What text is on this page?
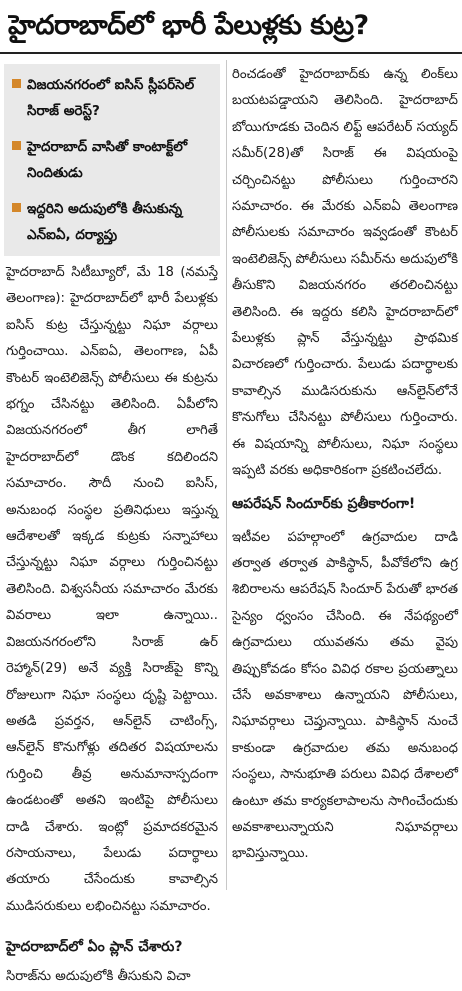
హైదరాబాద్‌లో భారీ పేలుళ్లకు కుట్ర?
విజయనగరంలో ఐసిస్‌ స్లీపర్‌సెల్‌ సిరాజ్‌ అరెస్ట్‌?
హైదరాబాద్‌ వాసితో కాంటాక్ట్‌లో నిందితుడు
ఇద్దరిని అదుపులోకి తీసుకున్న ఎన్‌ఐఏ, దర్యాప్తు

హైదరాబాద్‌ సిటీబ్యూరో, మే 18 (నమస్తే తెలంగాణ): హైదరాబాద్‌లో భారీ పేలుళ్లకు ఐసిస్‌ కుట్ర చేస్తున్నట్టు నిఘా వర్గాలు గుర్తించాయి. ఎన్‌ఐఏ, తెలంగాణ, ఏపీ కౌంటర్‌ ఇంటెలిజెన్స్‌ పోలీసులు ఈ కుట్రను భగ్నం చేసినట్టు తెలిసింది. ఏపీలోని విజయనగరంలో తీగ లాగితే హైదరాబాద్‌లో డొంక కదిలిందని సమాచారం. సౌదీ నుంచి ఐసిస్‌, అనుబంధ సంస్థల ప్రతినిధులు ఇస్తున్న ఆదేశాలతో ఇక్కడ కుట్రకు సన్నాహాలు చేస్తున్నట్టు నిఘా వర్గాలు గుర్తించినట్టు తెలిసింది. విశ్వసనీయ సమాచారం మేరకు వివరాలు ఇలా ఉన్నాయి.. విజయనగరంలోని సిరాజ్‌ ఉర్‌ రెహ్మాన్‌(29) అనే వ్యక్తి సిరాజ్‌పై కొన్ని రోజులుగా నిఘా సంస్థలు దృష్టి పెట్టాయి. అతడి ప్రవర్తన, ఆన్‌లైన్‌ చాటింగ్స్‌, ఆన్‌లైన్‌ కొనుగోళ్లు తదితర విషయాలను గుర్తించి తీవ్ర అనుమానాస్పదంగా ఉండటంతో అతని ఇంటిపై పోలీసులు దాడి చేశారు. ఇంట్లో ప్రమాదకరమైన రసాయనాలు, పేలుడు పదార్థాలు తయారు చేసేందుకు కావాల్సిన ముడిసరుకులు లభించినట్టు సమాచారం.

హైదరాబాద్‌లో ఏం ప్లాన్‌ చేశారు?

సిరాజ్‌ను అదుపులోకి తీసుకుని విచా

రించడంతో హైదరాబాద్‌కు ఉన్న లింక్‌లు బయటపడ్డాయని తెలిసింది. హైదరాబాద్‌ బోయిగూడకు చెందిన లిఫ్ట్‌ ఆపరేటర్‌ సయ్యద్‌ సమీర్‌(28)తో సిరాజ్‌ ఈ విషయంపై చర్చించినట్టు పోలీసులు గుర్తించారని సమాచారం. ఈ మేరకు ఎన్‌ఐఏ తెలంగాణ పోలీసులకు సమాచారం ఇవ్వడంతో కౌంటర్‌ ఇంటెలిజెన్స్‌ పోలీసులు సమీర్‌ను అదుపులోకి తీసుకొని విజయనగరం తరలించినట్టు తెలిసింది. ఈ ఇద్దరు కలిసి హైదరాబాద్‌లో పేలుళ్లకు ప్లాన్‌ వేస్తున్నట్టు ప్రాథమిక విచారణలో గుర్తించారు. పేలుడు పదార్థాలకు కావాల్సిన ముడిసరుకును ఆన్‌లైన్‌లోనే కొనుగోలు చేసినట్టు పోలీసులు గుర్తించారు. ఈ విషయాన్ని పోలీసులు, నిఘా సంస్థలు ఇప్పటి వరకు అధికారికంగా ప్రకటించలేదు.

ఆపరేషన్‌ సిందూర్‌కు ప్రతీకారంగా!

ఇటీవల పహల్గాంలో ఉగ్రవాదుల దాడి తర్వాత తర్వాత పాకిస్థాన్‌, పీవోకేలోని ఉగ్ర శిబిరాలను ఆపరేషన్‌ సిందూర్‌ పేరుతో భారత సైన్యం ధ్వంసం చేసింది. ఈ నేపథ్యంలో ఉగ్రవాదులు యువతను తమ వైపు తిప్పుకోవడం కోసం వివిధ రకాల ప్రయత్నాలు చేసే అవకాశాలు ఉన్నాయని పోలీసులు, నిఘావర్గాలు చెప్తున్నాయి. పాకిస్థాన్‌ నుంచే కాకుండా ఉగ్రవాదుల తమ అనుబంధ సంస్థలు, సానుభూతి పరులు వివిధ దేశాలలో ఉంటూ తమ కార్యకలాపాలను సాగించేందుకు అవకాశాలున్నాయని నిఘావర్గాలు భావిస్తున్నాయి.
